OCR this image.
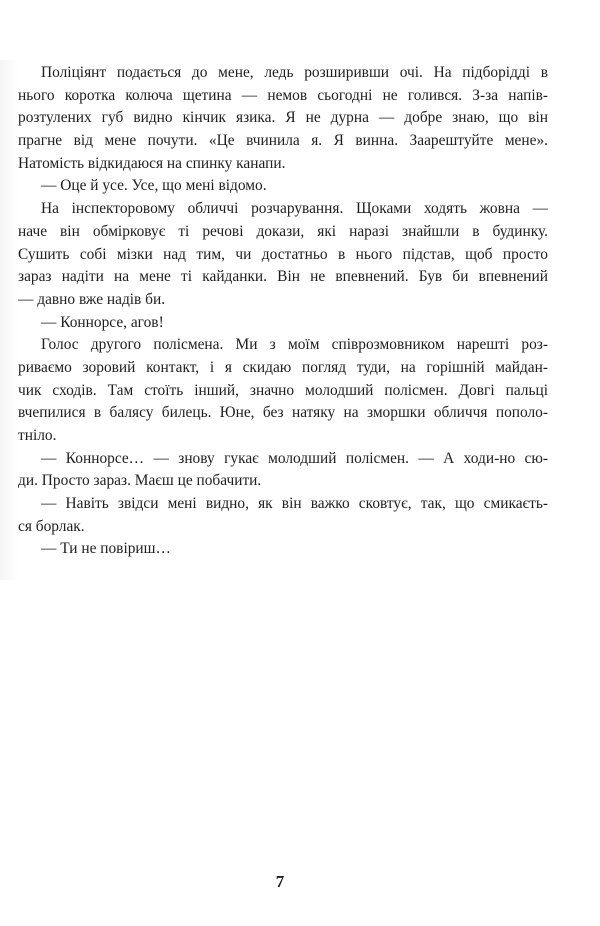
Поліціянт подається до мене, ледь розширивши очі. На підборідді в
нього коротка колюча щетина — немов сьогодні не голився. З-за напів-
розтулених губ видно кінчик язика. Я не дурна — добре знаю, що він
прагне від мене почути. «Це вчинила я. Я винна. Заарештуйте мене».
Натомість відкидаюся на спинку канапи.
— Оце й усе. Усе, що мені відомо.
На інспекторовому обличчі розчарування. Щоками ходять жовна —
наче він обмірковує ті речові докази, які наразі знайшли в будинку.
Сушить собі мізки над тим, чи достатньо в нього підстав, щоб просто
зараз надіти на мене ті кайданки. Він не впевнений. Був би впевнений
— давно вже надів би.
— Коннорсе, агов!
Голос другого полісмена. Ми з моїм співрозмовником нарешті роз-
риваємо зоровий контакт, і я скидаю погляд туди, на горішній майдан-
чик сходів. Там стоїть інший, значно молодший полісмен. Довгі пальці
вчепилися в балясу билець. Юне, без натяку на зморшки обличчя пополо-
тніло.
— Коннорсе… — знову гукає молодший полісмен. — А ходи-но сю-
ди. Просто зараз. Маєш це побачити.
— Навіть звідси мені видно, як він важко сковтує, так, що смикаєть-
ся борлак.
— Ти не повіриш…
7
